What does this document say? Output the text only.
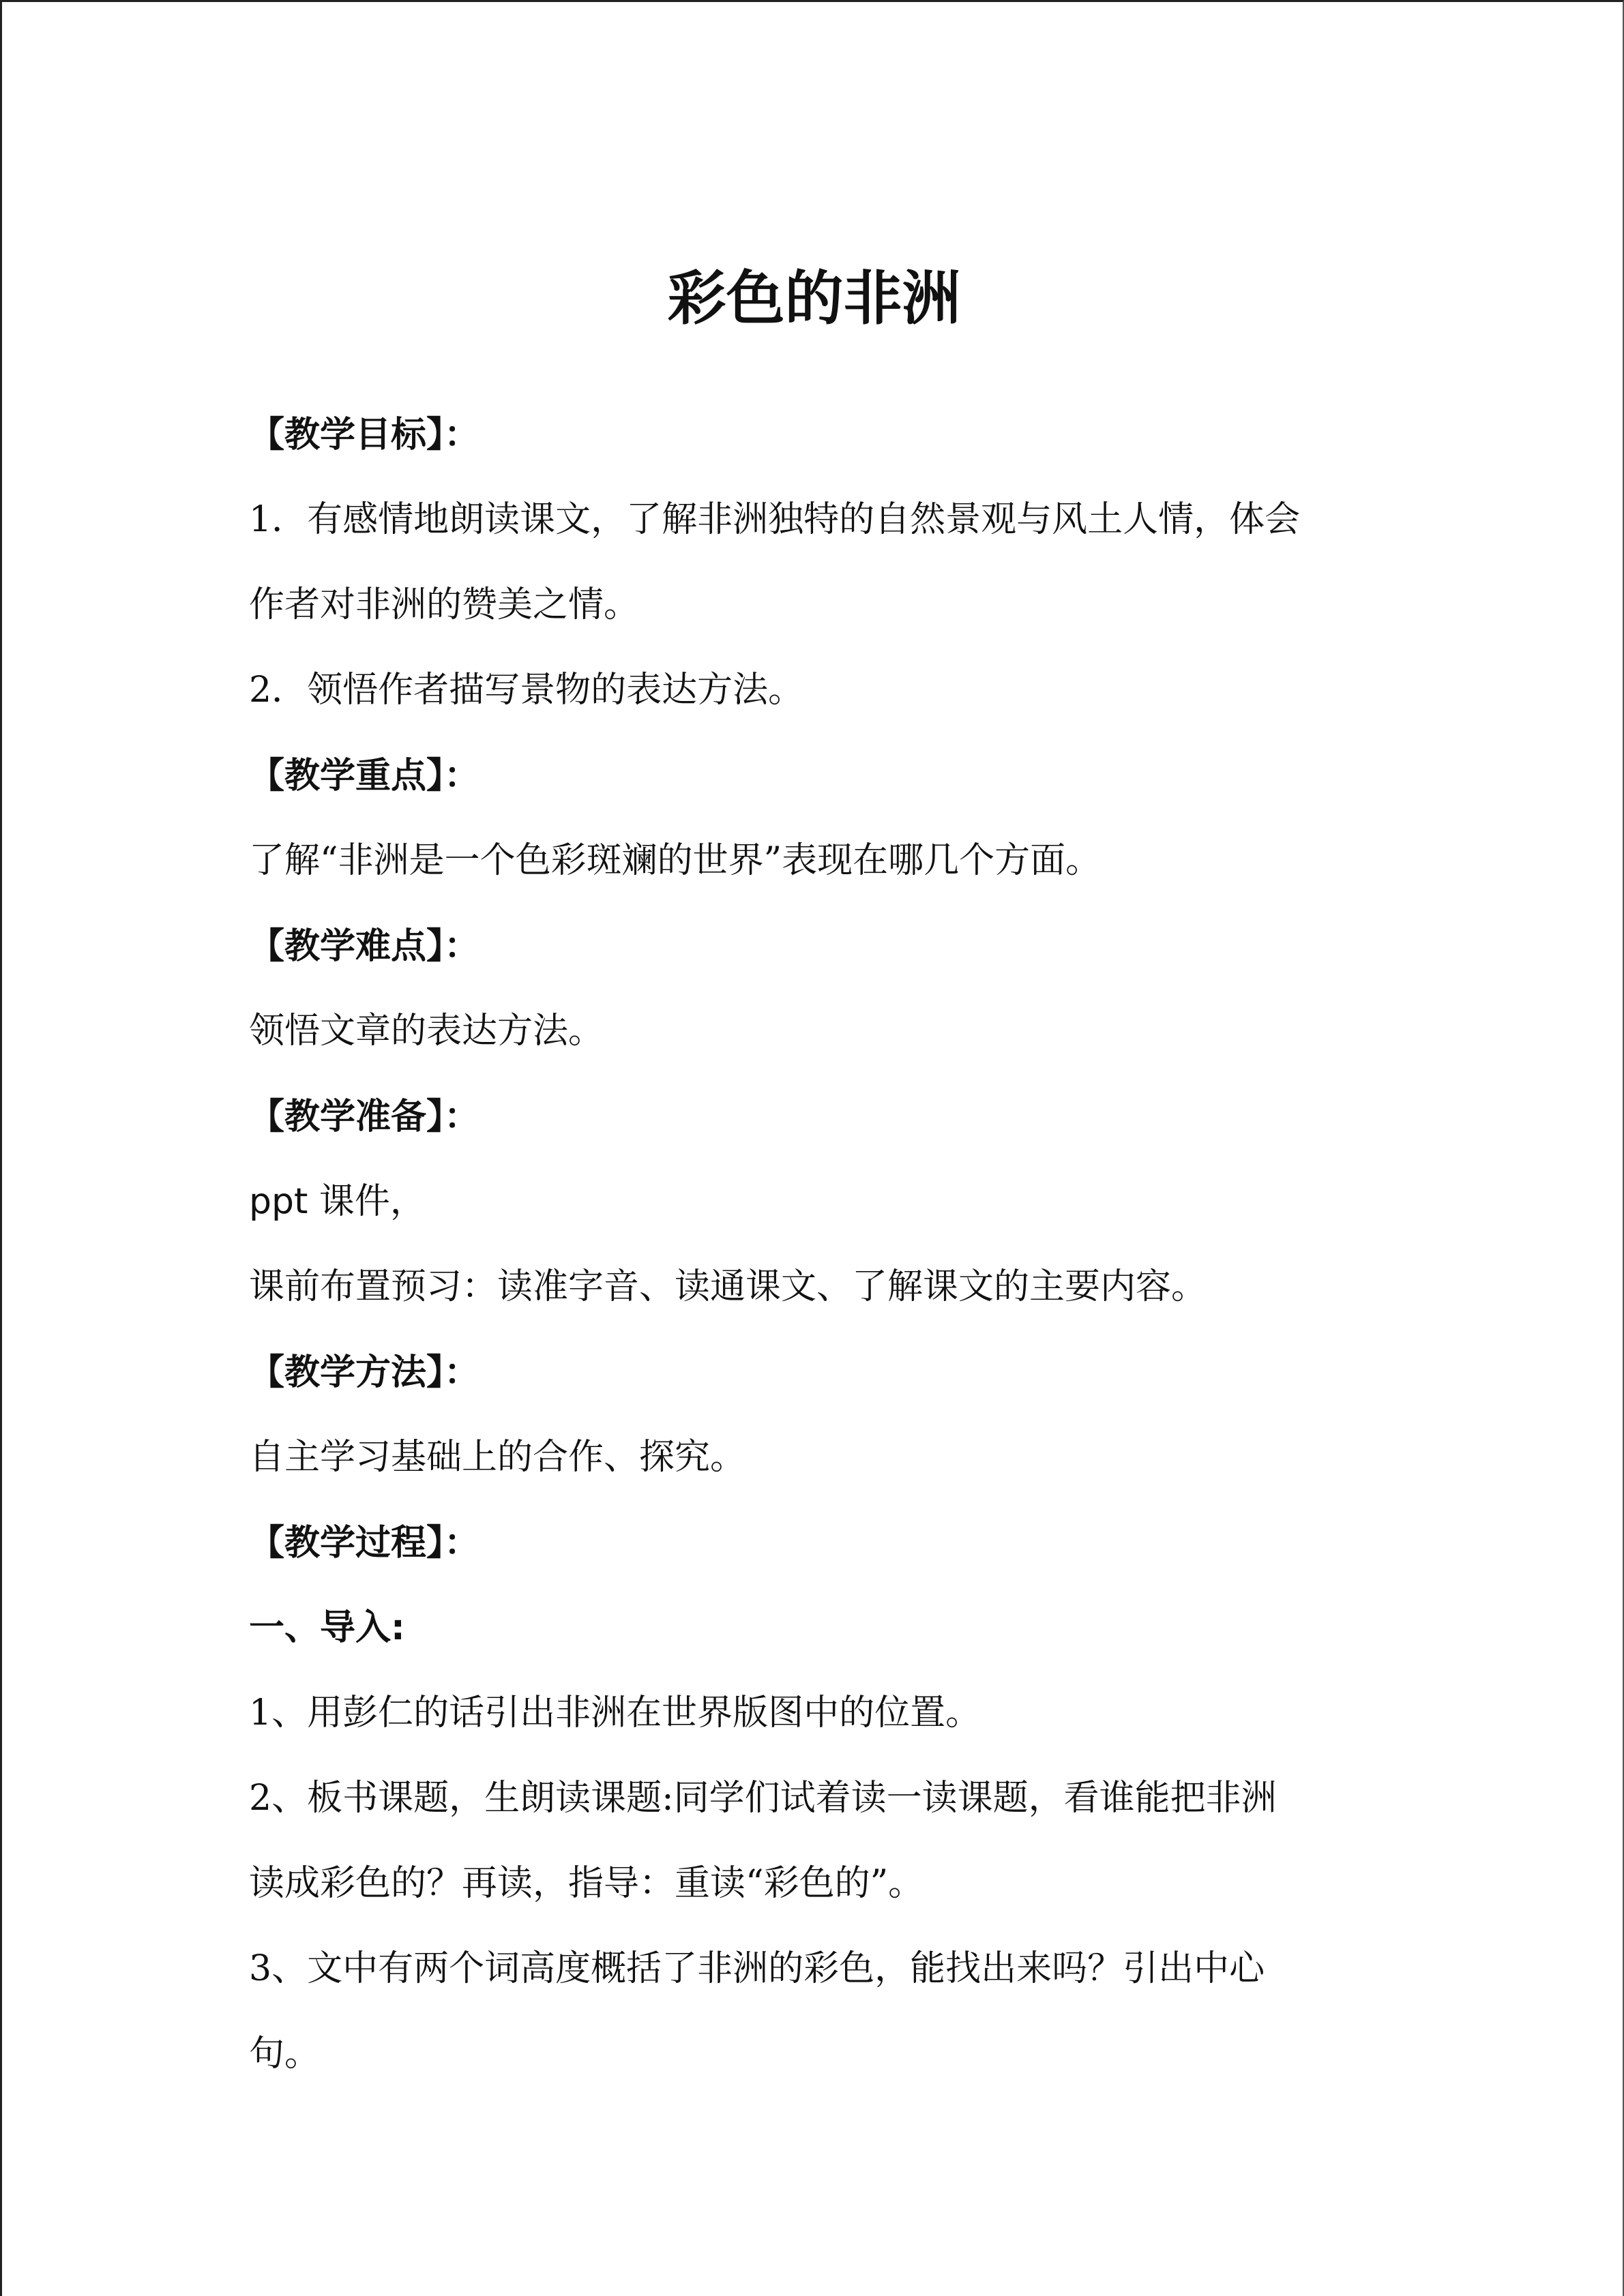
彩色的非洲

【教学目标】：

1．有感情地朗读课文，了解非洲独特的自然景观与风土人情，体会

作者对非洲的赞美之情。

2．领悟作者描写景物的表达方法。

【教学重点】：

了解“非洲是一个色彩斑斓的世界”表现在哪几个方面。

【教学难点】：

领悟文章的表达方法。

【教学准备】：

ppt 课件，

课前布置预习：读准字音、读通课文、了解课文的主要内容。

【教学方法】：

自主学习基础上的合作、探究。

【教学过程】：

一、导入:

1、用彭仁的话引出非洲在世界版图中的位置。

2、板书课题，生朗读课题:同学们试着读一读课题，看谁能把非洲

读成彩色的？再读，指导：重读“彩色的”。

3、文中有两个词高度概括了非洲的彩色，能找出来吗？引出中心

句。
